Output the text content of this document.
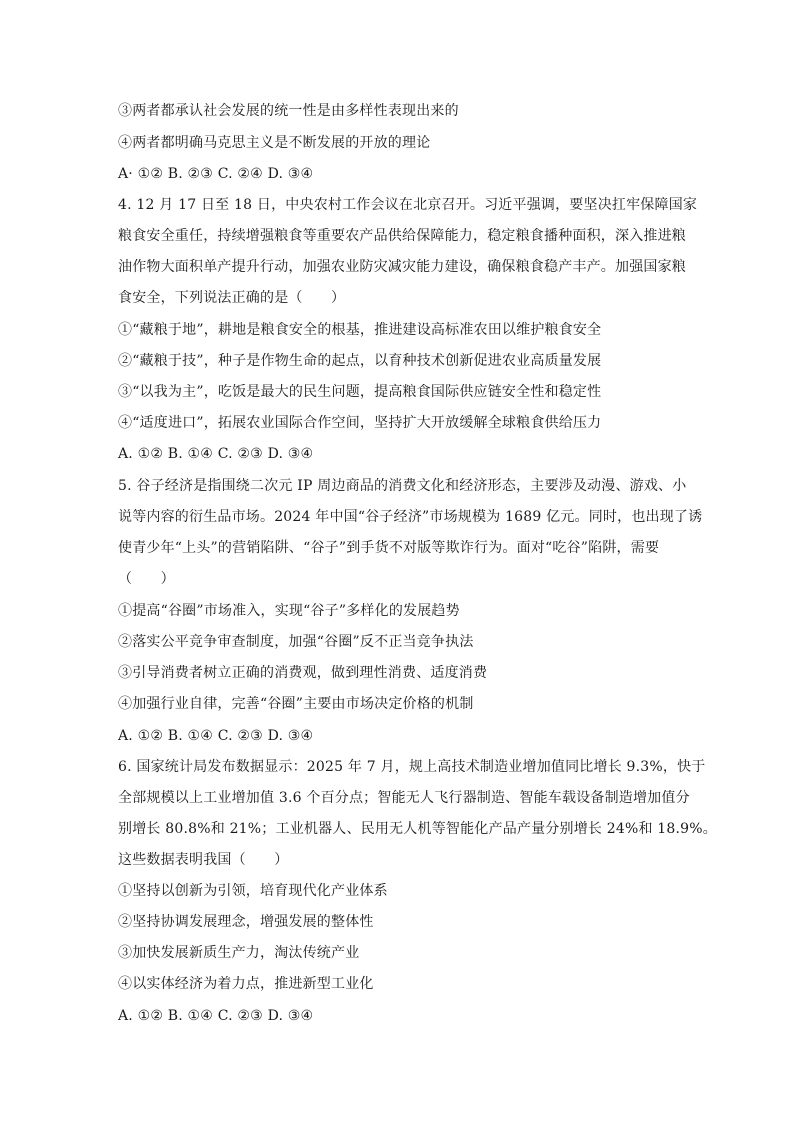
③两者都承认社会发展的统一性是由多样性表现出来的
④两者都明确马克思主义是不断发展的开放的理论
A· ①② B. ②③ C. ②④ D. ③④
4. 12 月 17 日至 18 日，中央农村工作会议在北京召开。习近平强调，要坚决扛牢保障国家
粮食安全重任，持续增强粮食等重要农产品供给保障能力，稳定粮食播种面积，深入推进粮
油作物大面积单产提升行动，加强农业防灾减灾能力建设，确保粮食稳产丰产。加强国家粮
食安全，下列说法正确的是（　　）
①“藏粮于地”，耕地是粮食安全的根基，推进建设高标准农田以维护粮食安全
②“藏粮于技”，种子是作物生命的起点，以育种技术创新促进农业高质量发展
③“以我为主”，吃饭是最大的民生问题，提高粮食国际供应链安全性和稳定性
④“适度进口”，拓展农业国际合作空间，坚持扩大开放缓解全球粮食供给压力
A. ①② B. ①④ C. ②③ D. ③④
5. 谷子经济是指围绕二次元 IP 周边商品的消费文化和经济形态，主要涉及动漫、游戏、小
说等内容的衍生品市场。2024 年中国“谷子经济”市场规模为 1689 亿元。同时，也出现了诱
使青少年“上头”的营销陷阱、“谷子”到手货不对版等欺诈行为。面对“吃谷”陷阱，需要
（　　）
①提高“谷圈”市场准入，实现“谷子”多样化的发展趋势
②落实公平竞争审查制度，加强“谷圈”反不正当竞争执法
③引导消费者树立正确的消费观，做到理性消费、适度消费
④加强行业自律，完善“谷圈”主要由市场决定价格的机制
A. ①② B. ①④ C. ②③ D. ③④
6. 国家统计局发布数据显示：2025 年 7 月，规上高技术制造业增加值同比增长 9.3%，快于
全部规模以上工业增加值 3.6 个百分点；智能无人飞行器制造、智能车载设备制造增加值分
别增长 80.8%和 21%；工业机器人、民用无人机等智能化产品产量分别增长 24%和 18.9%。
这些数据表明我国（　　）
①坚持以创新为引领，培育现代化产业体系
②坚持协调发展理念，增强发展的整体性
③加快发展新质生产力，淘汰传统产业
④以实体经济为着力点，推进新型工业化
A. ①② B. ①④ C. ②③ D. ③④
